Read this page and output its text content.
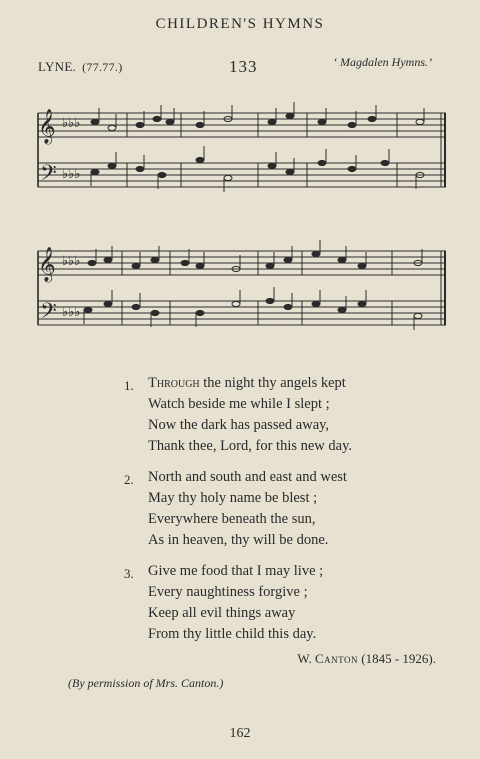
CHILDREN'S HYMNS
LYNE. (77.77.)	133	‘ Magdalen Hymns.’
𝄞
𝄢
♭♭♭
♭♭♭
𝄞
𝄢
♭♭♭
♭♭♭
1. Through the night thy angels kept
Watch beside me while I slept ;
Now the dark has passed away,
Thank thee, Lord, for this new day.
2. North and south and east and west
May thy holy name be blest ;
Everywhere beneath the sun,
As in heaven, thy will be done.
3. Give me food that I may live ;
Every naughtiness forgive ;
Keep all evil things away
From thy little child this day.
W. Canton (1845 - 1926).
(By permission of Mrs. Canton.)
162
